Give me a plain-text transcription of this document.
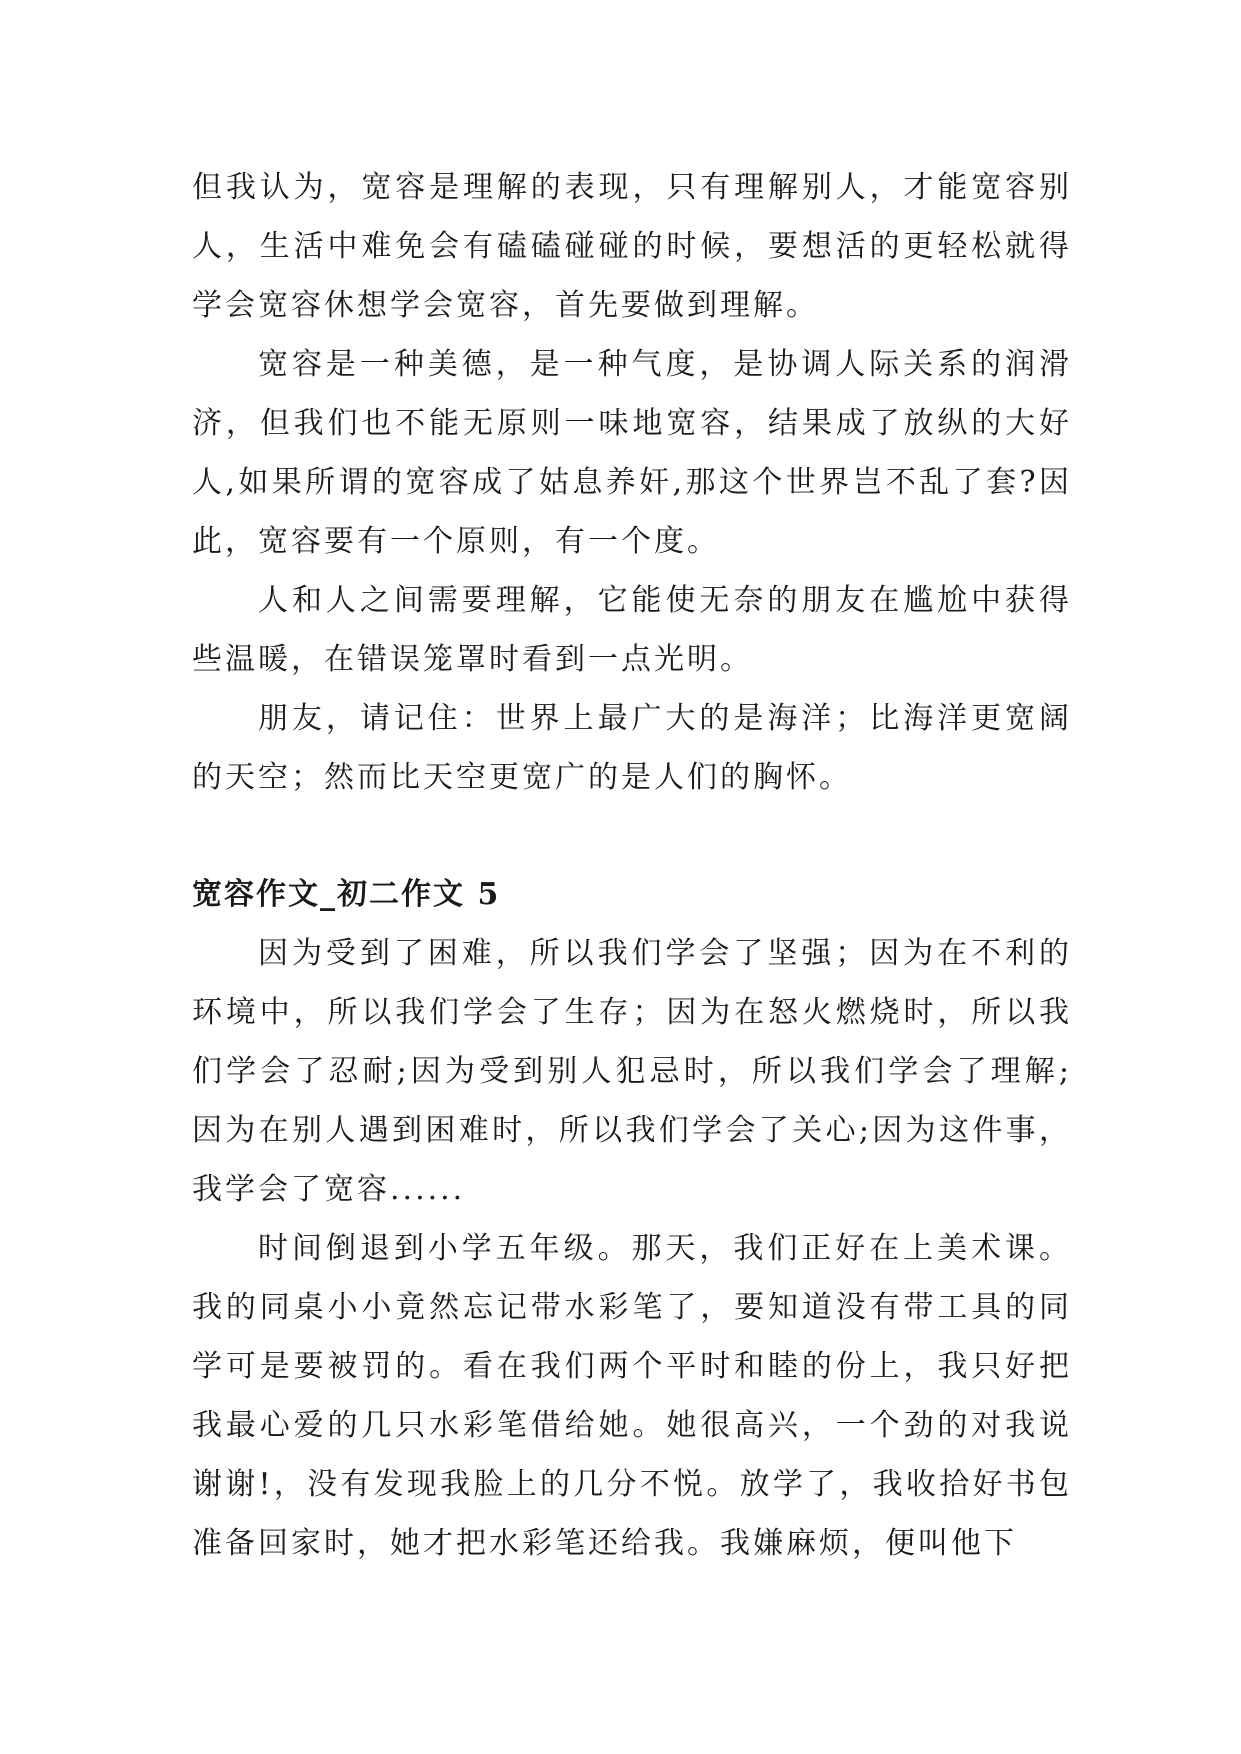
但我认为，宽容是理解的表现，只有理解别人，才能宽容别人，生活中难免会有磕磕碰碰的时候，要想活的更轻松就得学会宽容休想学会宽容，首先要做到理解。

宽容是一种美德，是一种气度，是协调人际关系的润滑济，但我们也不能无原则一味地宽容，结果成了放纵的大好人,如果所谓的宽容成了姑息养奸,那这个世界岂不乱了套?因此，宽容要有一个原则，有一个度。

人和人之间需要理解，它能使无奈的朋友在尴尬中获得些温暖，在错误笼罩时看到一点光明。

朋友，请记住：世界上最广大的是海洋；比海洋更宽阔的天空；然而比天空更宽广的是人们的胸怀。

宽容作文_初二作文 5

因为受到了困难，所以我们学会了坚强；因为在不利的环境中，所以我们学会了生存；因为在怒火燃烧时，所以我们学会了忍耐;因为受到别人犯忌时，所以我们学会了理解;因为在别人遇到困难时，所以我们学会了关心;因为这件事，我学会了宽容......

时间倒退到小学五年级。那天，我们正好在上美术课。我的同桌小小竟然忘记带水彩笔了，要知道没有带工具的同学可是要被罚的。看在我们两个平时和睦的份上，我只好把我最心爱的几只水彩笔借给她。她很高兴，一个劲的对我说谢谢!，没有发现我脸上的几分不悦。放学了，我收拾好书包准备回家时，她才把水彩笔还给我。我嫌麻烦，便叫他下
